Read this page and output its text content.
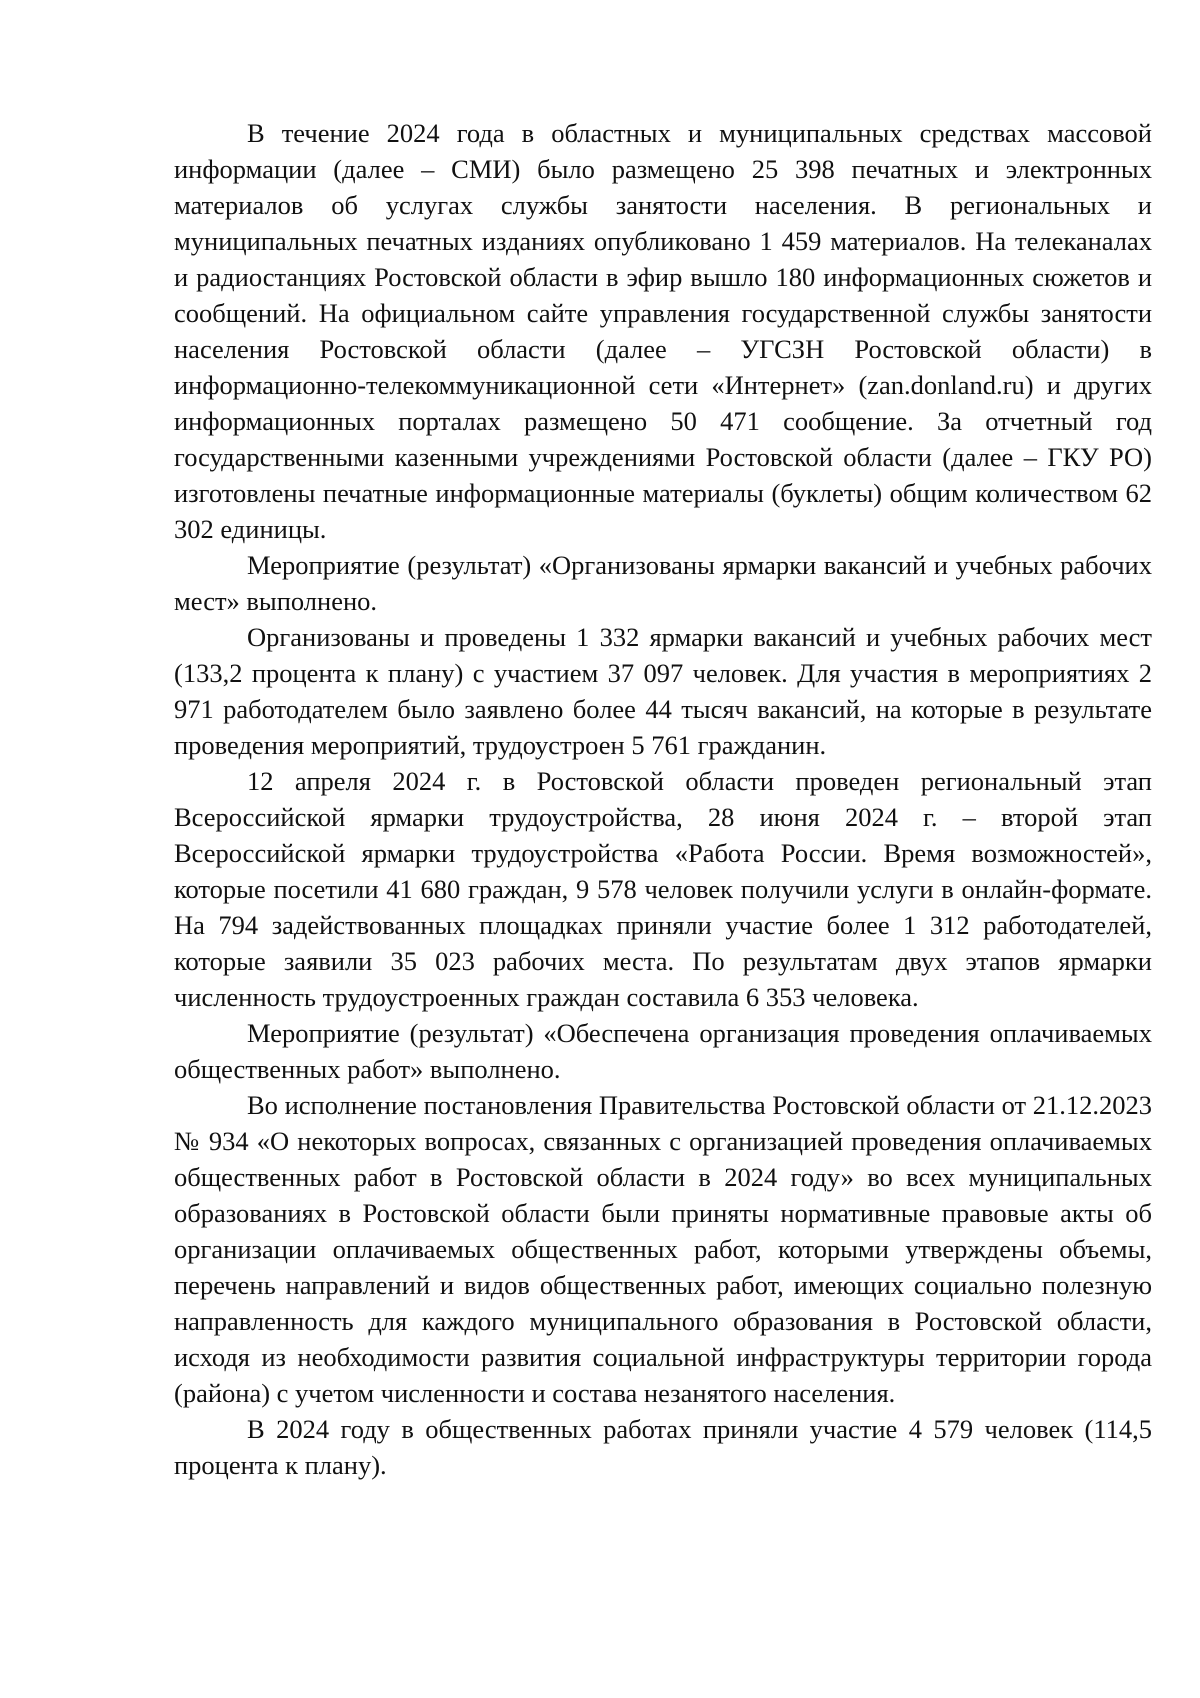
В течение 2024 года в областных и муниципальных средствах массовой информации (далее – СМИ) было размещено 25 398 печатных и электронных материалов об услугах службы занятости населения. В региональных и муниципальных печатных изданиях опубликовано 1 459 материалов. На телеканалах и радиостанциях Ростовской области в эфир вышло 180 информационных сюжетов и сообщений. На официальном сайте управления государственной службы занятости населения Ростовской области (далее – УГСЗН Ростовской области) в информационно-телекоммуникационной сети «Интернет» (zan.donland.ru) и других информационных порталах размещено 50 471 сообщение. За отчетный год государственными казенными учреждениями Ростовской области (далее – ГКУ РО) изготовлены печатные информационные материалы (буклеты) общим количеством 62 302 единицы.

Мероприятие (результат) «Организованы ярмарки вакансий и учебных рабочих мест» выполнено.

Организованы и проведены 1 332 ярмарки вакансий и учебных рабочих мест (133,2 процента к плану) с участием 37 097 человек. Для участия в мероприятиях 2 971 работодателем было заявлено более 44 тысяч вакансий, на которые в результате проведения мероприятий, трудоустроен 5 761 гражданин.

12 апреля 2024 г. в Ростовской области проведен региональный этап Всероссийской ярмарки трудоустройства, 28 июня 2024 г. – второй этап Всероссийской ярмарки трудоустройства «Работа России. Время возможностей», которые посетили 41 680 граждан, 9 578 человек получили услуги в онлайн-формате. На 794 задействованных площадках приняли участие более 1 312 работодателей, которые заявили 35 023 рабочих места. По результатам двух этапов ярмарки численность трудоустроенных граждан составила 6 353 человека.

Мероприятие (результат) «Обеспечена организация проведения оплачиваемых общественных работ» выполнено.

Во исполнение постановления Правительства Ростовской области от 21.12.2023 № 934 «О некоторых вопросах, связанных с организацией проведения оплачиваемых общественных работ в Ростовской области в 2024 году» во всех муниципальных образованиях в Ростовской области были приняты нормативные правовые акты об организации оплачиваемых общественных работ, которыми утверждены объемы, перечень направлений и видов общественных работ, имеющих социально полезную направленность для каждого муниципального образования в Ростовской области, исходя из необходимости развития социальной инфраструктуры территории города (района) с учетом численности и состава незанятого населения.

В 2024 году в общественных работах приняли участие 4 579 человек (114,5 процента к плану).
